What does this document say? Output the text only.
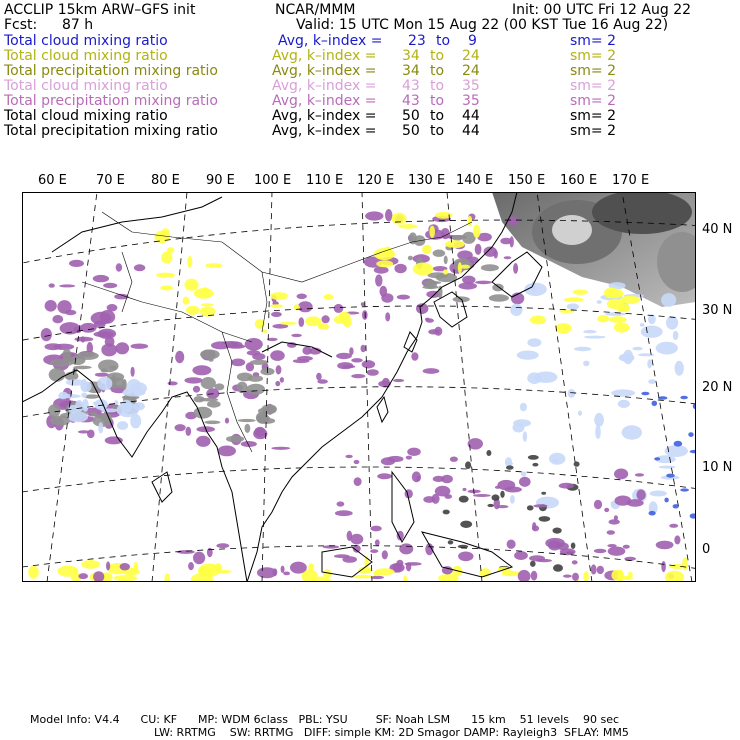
ACCLIP 15km ARW–GFS init	NCAR/MMM	Init: 00 UTC Fri 12 Aug 22
Fcst: 87 h	Valid: 15 UTC Mon 15 Aug 22 (00 KST Tue 16 Aug 22)
Total cloud mixing ratio	Avg, k–index = 23 to 9	sm= 2
Total cloud mixing ratio	Avg, k–index = 34 to 24	sm= 2
Total precipitation mixing ratio	Avg, k–index = 34 to 24	sm= 2
Total cloud mixing ratio	Avg, k–index = 43 to 35	sm= 2
Total precipitation mixing ratio	Avg, k–index = 43 to 35	sm= 2
Total cloud mixing ratio	Avg, k–index = 50 to 44	sm= 2
Total precipitation mixing ratio	Avg, k–index = 50 to 44	sm= 2
60 E 70 E 80 E 90 E 100 E 110 E 120 E 130 E 140 E 150 E 160 E 170 E
40 N
30 N
20 N
10 N
0
Model Info: V4.4      CU: KF      MP: WDM 6class   PBL: YSU        SF: Noah LSM      15 km    51 levels    90 sec
LW: RRTMG    SW: RRTMG   DIFF: simple KM: 2D Smagor DAMP: Rayleigh3  SFLAY: MM5
